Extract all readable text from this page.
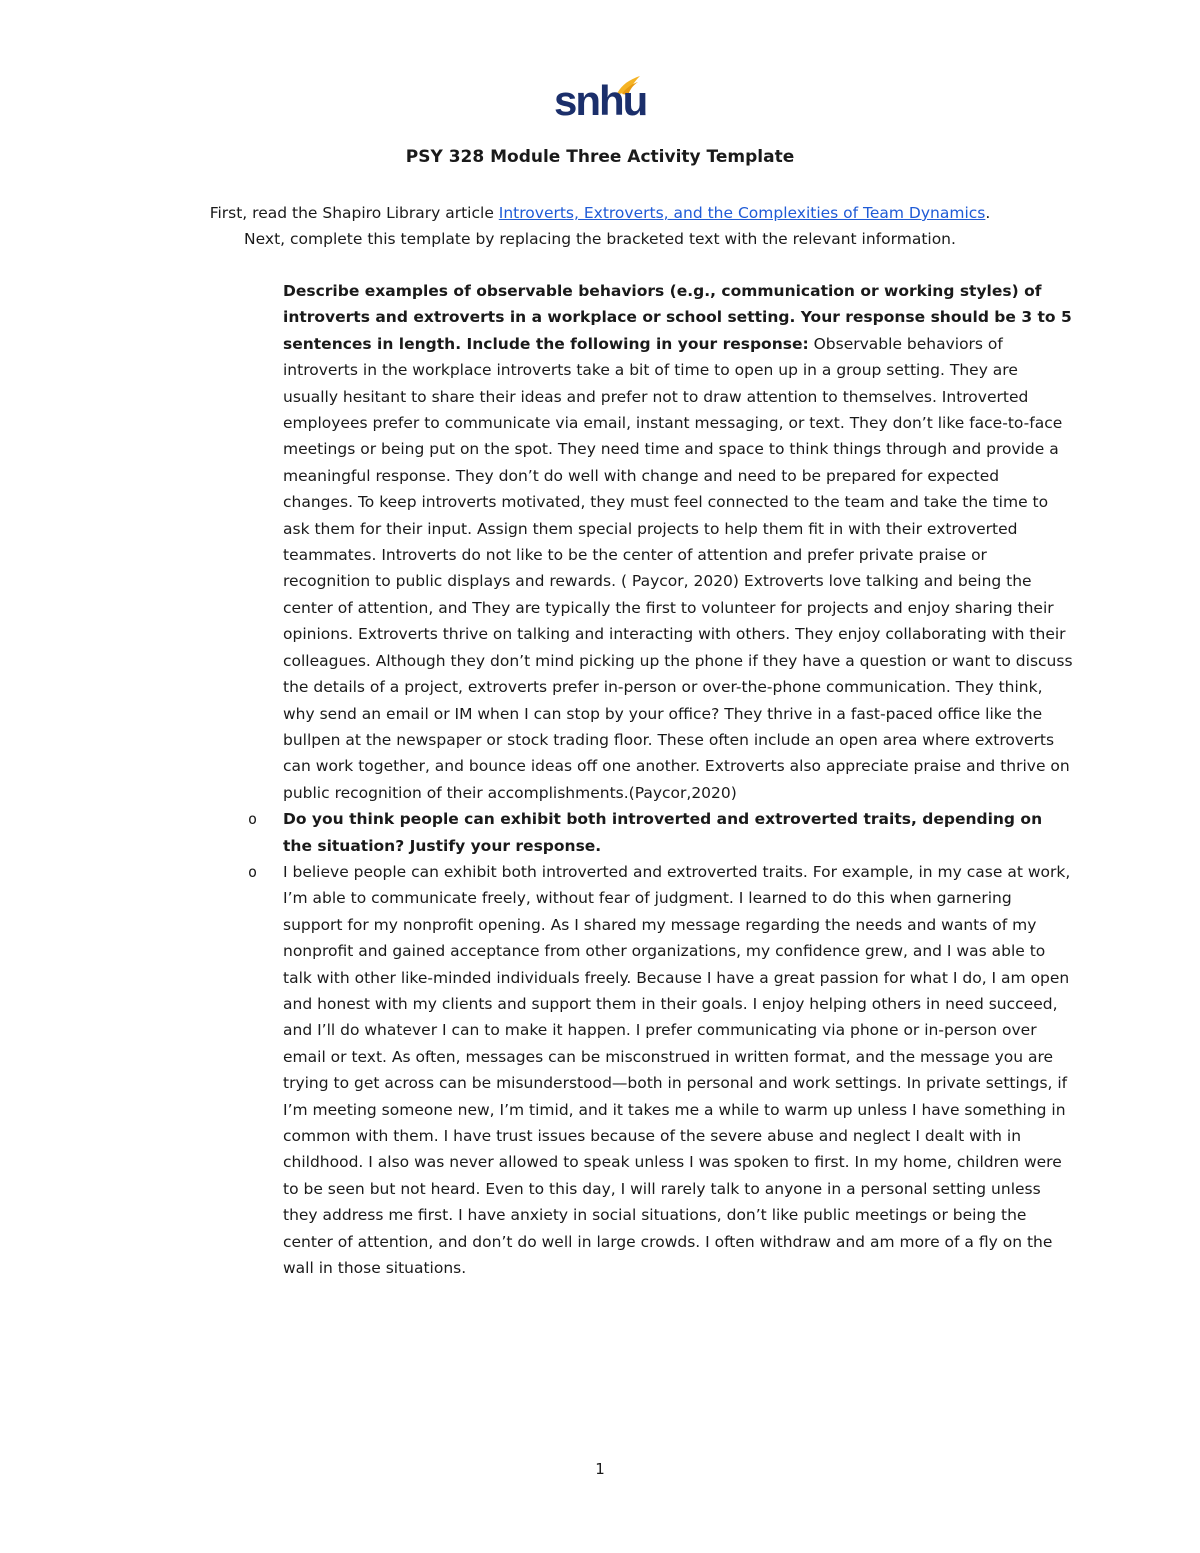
snhu
PSY 328 Module Three Activity Template
First, read the Shapiro Library article Introverts, Extroverts, and the Complexities of Team Dynamics.
Next, complete this template by replacing the bracketed text with the relevant information.
Describe examples of observable behaviors (e.g., communication or working styles) of introverts and extroverts in a workplace or school setting. Your response should be 3 to 5 sentences in length. Include the following in your response: Observable behaviors of introverts in the workplace introverts take a bit of time to open up in a group setting. They are usually hesitant to share their ideas and prefer not to draw attention to themselves. Introverted employees prefer to communicate via email, instant messaging, or text. They don’t like face-to-face meetings or being put on the spot. They need time and space to think things through and provide a meaningful response. They don’t do well with change and need to be prepared for expected changes. To keep introverts motivated, they must feel connected to the team and take the time to ask them for their input. Assign them special projects to help them fit in with their extroverted teammates. Introverts do not like to be the center of attention and prefer private praise or recognition to public displays and rewards. ( Paycor, 2020) Extroverts love talking and being the center of attention, and They are typically the first to volunteer for projects and enjoy sharing their opinions. Extroverts thrive on talking and interacting with others. They enjoy collaborating with their colleagues. Although they don’t mind picking up the phone if they have a question or want to discuss the details of a project, extroverts prefer in-person or over-the-phone communication. They think, why send an email or IM when I can stop by your office? They thrive in a fast-paced office like the bullpen at the newspaper or stock trading floor. These often include an open area where extroverts can work together, and bounce ideas off one another. Extroverts also appreciate praise and thrive on public recognition of their accomplishments.(Paycor,2020)
o Do you think people can exhibit both introverted and extroverted traits, depending on the situation? Justify your response.
o I believe people can exhibit both introverted and extroverted traits. For example, in my case at work, I’m able to communicate freely, without fear of judgment. I learned to do this when garnering support for my nonprofit opening. As I shared my message regarding the needs and wants of my nonprofit and gained acceptance from other organizations, my confidence grew, and I was able to talk with other like-minded individuals freely. Because I have a great passion for what I do, I am open and honest with my clients and support them in their goals. I enjoy helping others in need succeed, and I’ll do whatever I can to make it happen. I prefer communicating via phone or in-person over email or text. As often, messages can be misconstrued in written format, and the message you are trying to get across can be misunderstood—both in personal and work settings. In private settings, if I’m meeting someone new, I’m timid, and it takes me a while to warm up unless I have something in common with them. I have trust issues because of the severe abuse and neglect I dealt with in childhood. I also was never allowed to speak unless I was spoken to first. In my home, children were to be seen but not heard. Even to this day, I will rarely talk to anyone in a personal setting unless they address me first. I have anxiety in social situations, don’t like public meetings or being the center of attention, and don’t do well in large crowds. I often withdraw and am more of a fly on the wall in those situations.
1
